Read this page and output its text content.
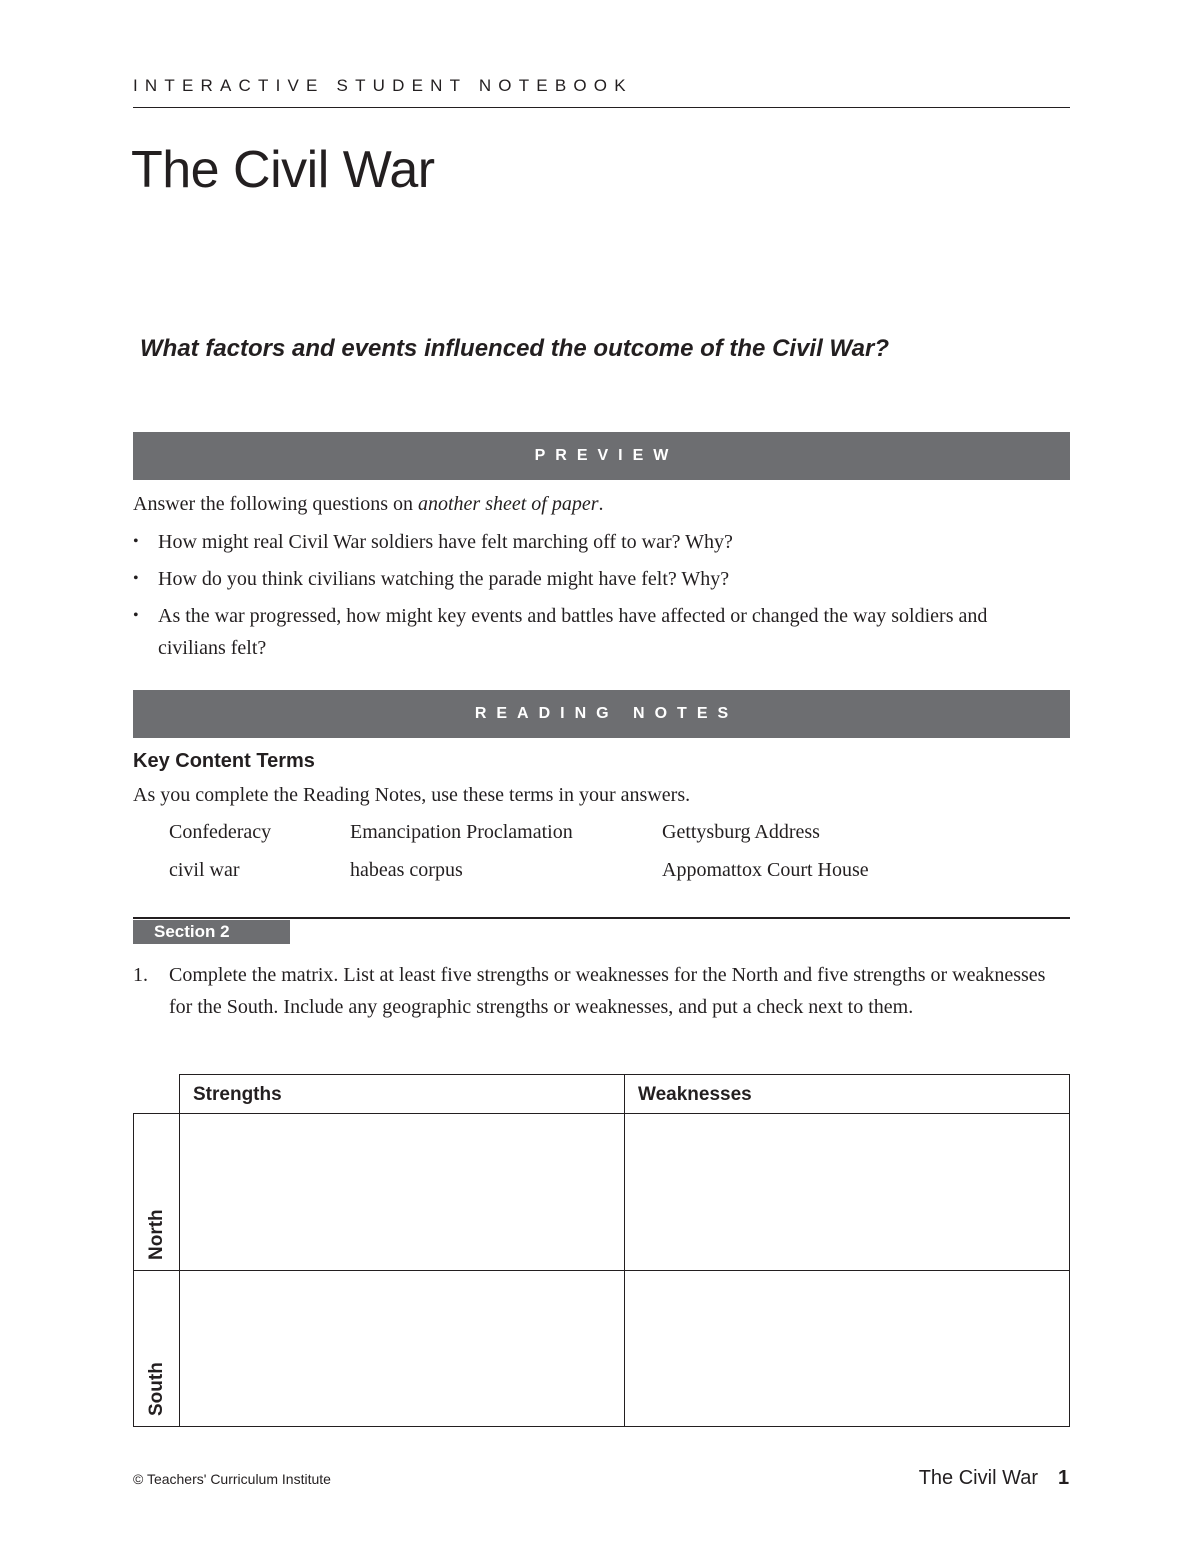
INTERACTIVE STUDENT NOTEBOOK
The Civil War
What factors and events influenced the outcome of the Civil War?
PREVIEW
Answer the following questions on another sheet of paper.
• How might real Civil War soldiers have felt marching off to war? Why?
• How do you think civilians watching the parade might have felt? Why?
• As the war progressed, how might key events and battles have affected or changed the way soldiers and civilians felt?
READING NOTES
Key Content Terms
As you complete the Reading Notes, use these terms in your answers.
Confederacy	Emancipation Proclamation	Gettysburg Address
civil war	habeas corpus	Appomattox Court House
Section 2
1. Complete the matrix. List at least five strengths or weaknesses for the North and five strengths or weaknesses for the South. Include any geographic strengths or weaknesses, and put a check next to them.
Strengths	Weaknesses
North
South
© Teachers' Curriculum Institute	The Civil War 1
